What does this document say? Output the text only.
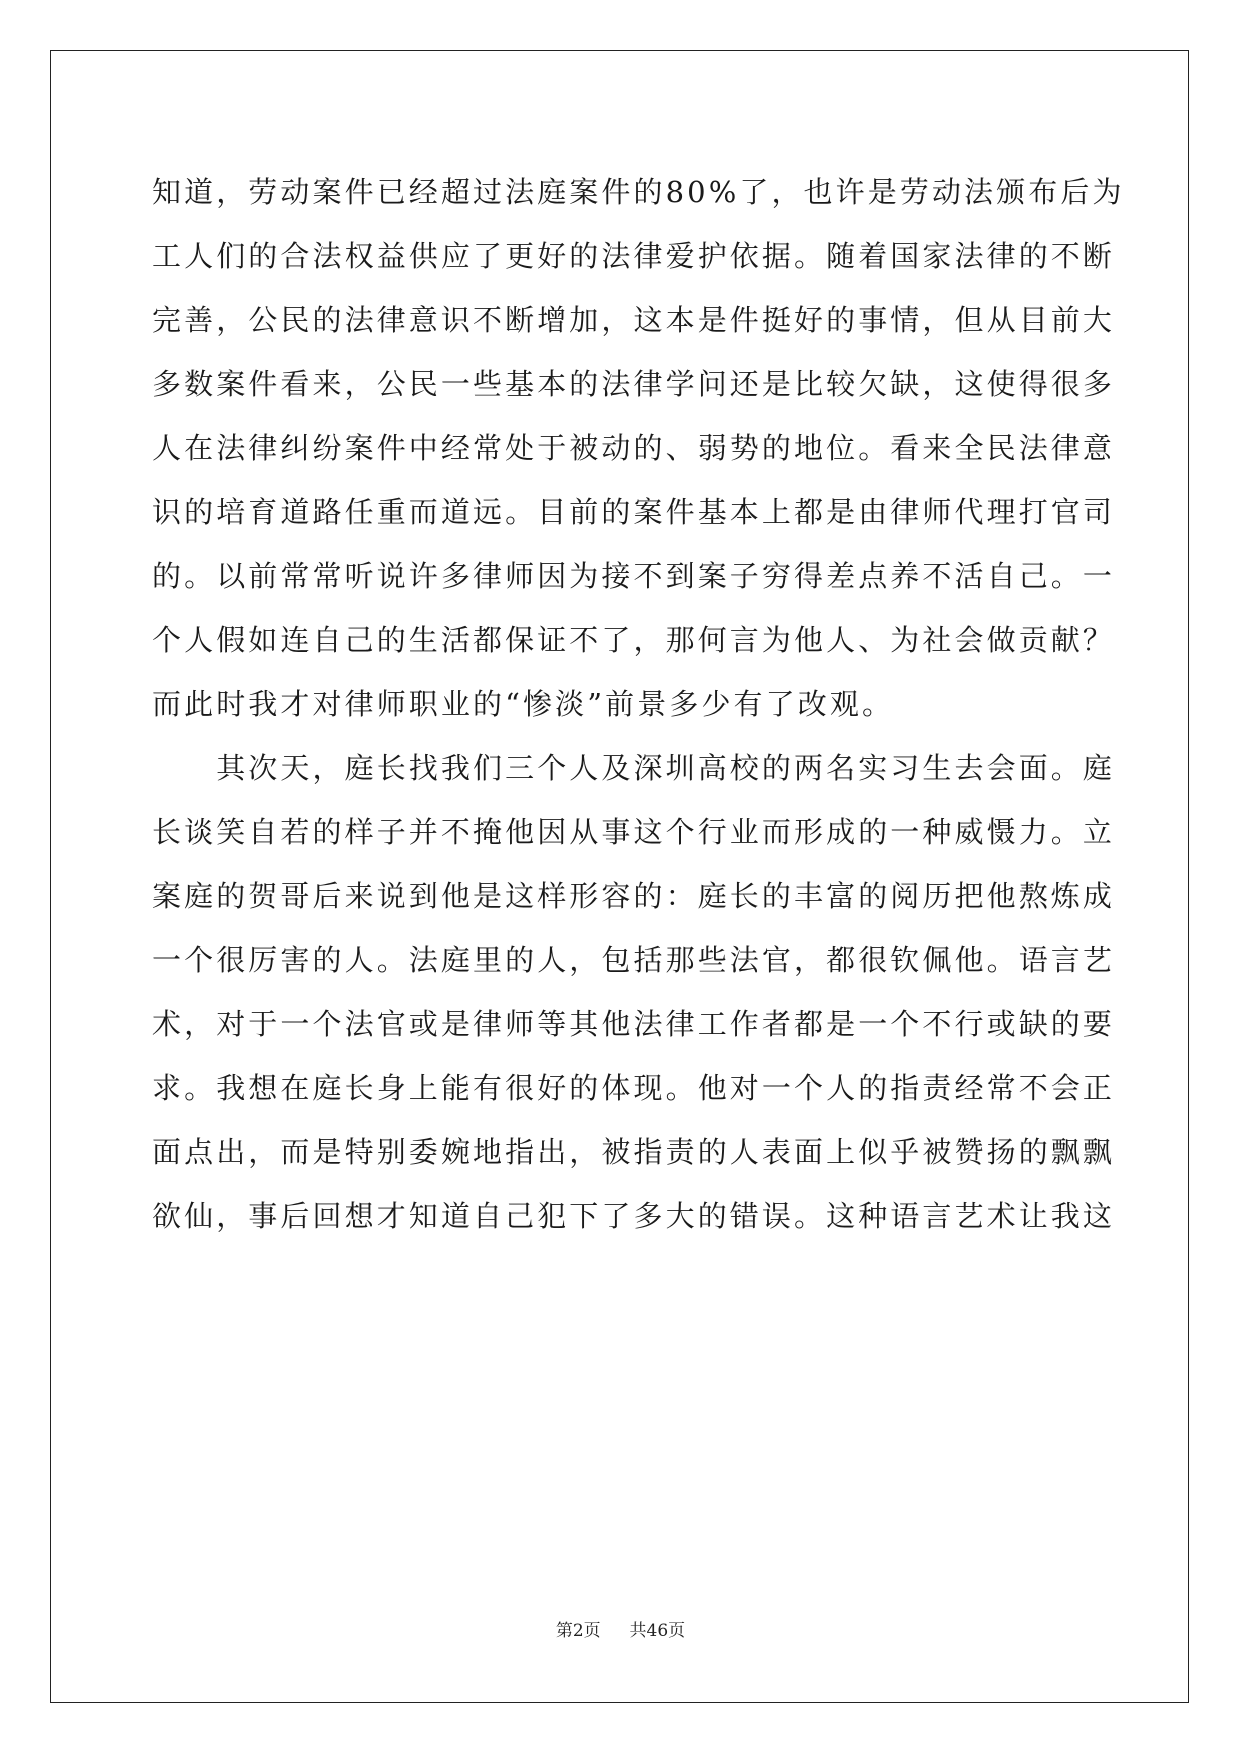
知道，劳动案件已经超过法庭案件的80%了，也许是劳动法颁布后为
工人们的合法权益供应了更好的法律爱护依据。随着国家法律的不断
完善，公民的法律意识不断增加，这本是件挺好的事情，但从目前大
多数案件看来，公民一些基本的法律学问还是比较欠缺，这使得很多
人在法律纠纷案件中经常处于被动的、弱势的地位。看来全民法律意
识的培育道路任重而道远。目前的案件基本上都是由律师代理打官司
的。以前常常听说许多律师因为接不到案子穷得差点养不活自己。一
个人假如连自己的生活都保证不了，那何言为他人、为社会做贡献？
而此时我才对律师职业的“惨淡”前景多少有了改观。
　　其次天，庭长找我们三个人及深圳高校的两名实习生去会面。庭
长谈笑自若的样子并不掩他因从事这个行业而形成的一种威慑力。立
案庭的贺哥后来说到他是这样形容的：庭长的丰富的阅历把他熬炼成
一个很厉害的人。法庭里的人，包括那些法官，都很钦佩他。语言艺
术，对于一个法官或是律师等其他法律工作者都是一个不行或缺的要
求。我想在庭长身上能有很好的体现。他对一个人的指责经常不会正
面点出，而是特别委婉地指出，被指责的人表面上似乎被赞扬的飘飘
欲仙，事后回想才知道自己犯下了多大的错误。这种语言艺术让我这
第2页 共46页
